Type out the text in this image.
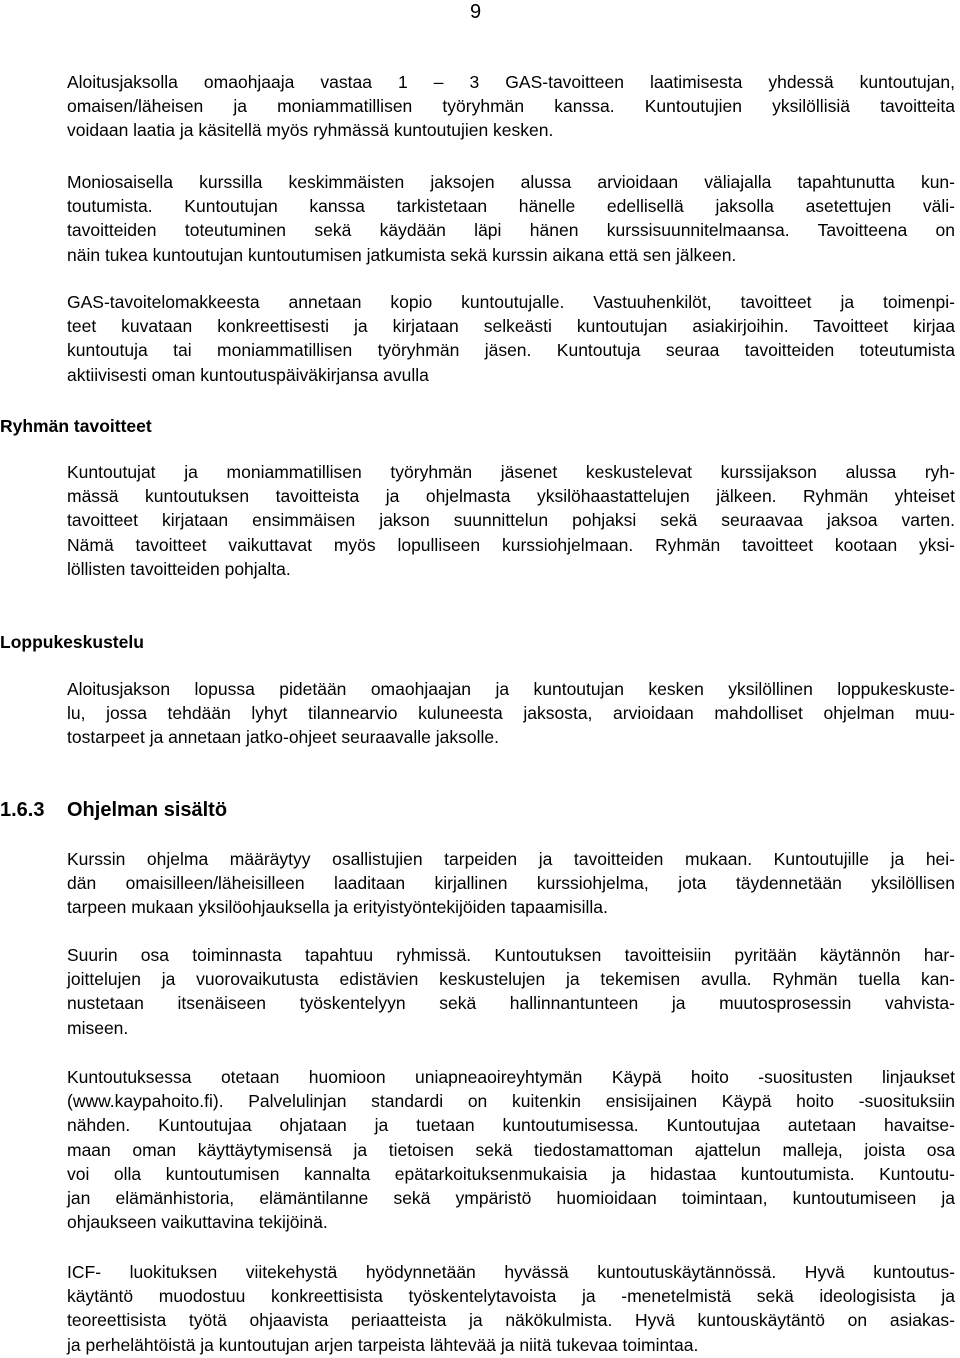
9
Aloitusjaksolla omaohjaaja vastaa 1 – 3 GAS-tavoitteen laatimisesta yhdessä kuntoutujan,
omaisen/läheisen ja moniammatillisen työryhmän kanssa. Kuntoutujien yksilöllisiä tavoitteita
voidaan laatia ja käsitellä myös ryhmässä kuntoutujien kesken.
Moniosaisella kurssilla keskimmäisten jaksojen alussa arvioidaan väliajalla tapahtunutta kun-
toutumista. Kuntoutujan kanssa tarkistetaan hänelle edellisellä jaksolla asetettujen väli-
tavoitteiden toteutuminen sekä käydään läpi hänen kurssisuunnitelmaansa. Tavoitteena on
näin tukea kuntoutujan kuntoutumisen jatkumista sekä kurssin aikana että sen jälkeen.
GAS-tavoitelomakkeesta annetaan kopio kuntoutujalle. Vastuuhenkilöt, tavoitteet ja toimenpi-
teet kuvataan konkreettisesti ja kirjataan selkeästi kuntoutujan asiakirjoihin. Tavoitteet kirjaa
kuntoutuja tai moniammatillisen työryhmän jäsen. Kuntoutuja seuraa tavoitteiden toteutumista
aktiivisesti oman kuntoutuspäiväkirjansa avulla
Ryhmän tavoitteet
Kuntoutujat ja moniammatillisen työryhmän jäsenet keskustelevat kurssijakson alussa ryh-
mässä kuntoutuksen tavoitteista ja ohjelmasta yksilöhaastattelujen jälkeen. Ryhmän yhteiset
tavoitteet kirjataan ensimmäisen jakson suunnittelun pohjaksi sekä seuraavaa jaksoa varten.
Nämä tavoitteet vaikuttavat myös lopulliseen kurssiohjelmaan. Ryhmän tavoitteet kootaan yksi-
löllisten tavoitteiden pohjalta.
Loppukeskustelu
Aloitusjakson lopussa pidetään omaohjaajan ja kuntoutujan kesken yksilöllinen loppukeskuste-
lu, jossa tehdään lyhyt tilannearvio kuluneesta jaksosta, arvioidaan mahdolliset ohjelman muu-
tostarpeet ja annetaan jatko-ohjeet seuraavalle jaksolle.
1.6.3 Ohjelman sisältö
Kurssin ohjelma määräytyy osallistujien tarpeiden ja tavoitteiden mukaan. Kuntoutujille ja hei-
dän omaisilleen/läheisilleen laaditaan kirjallinen kurssiohjelma, jota täydennetään yksilöllisen
tarpeen mukaan yksilöohjauksella ja erityistyöntekijöiden tapaamisilla.
Suurin osa toiminnasta tapahtuu ryhmissä. Kuntoutuksen tavoitteisiin pyritään käytännön har-
joittelujen ja vuorovaikutusta edistävien keskustelujen ja tekemisen avulla. Ryhmän tuella kan-
nustetaan itsenäiseen työskentelyyn sekä hallinnantunteen ja muutosprosessin vahvista-
miseen.
Kuntoutuksessa otetaan huomioon uniapneaoireyhtymän Käypä hoito -suositusten linjaukset
(www.kaypahoito.fi). Palvelulinjan standardi on kuitenkin ensisijainen Käypä hoito -suosituksiin
nähden. Kuntoutujaa ohjataan ja tuetaan kuntoutumisessa. Kuntoutujaa autetaan havaitse-
maan oman käyttäytymisensä ja tietoisen sekä tiedostamattoman ajattelun malleja, joista osa
voi olla kuntoutumisen kannalta epätarkoituksenmukaisia ja hidastaa kuntoutumista. Kuntoutu-
jan elämänhistoria, elämäntilanne sekä ympäristö huomioidaan toimintaan, kuntoutumiseen ja
ohjaukseen vaikuttavina tekijöinä.
ICF- luokituksen viitekehystä hyödynnetään hyvässä kuntoutuskäytännössä. Hyvä kuntoutus-
käytäntö muodostuu konkreettisista työskentelytavoista ja -menetelmistä sekä ideologisista ja
teoreettisista työtä ohjaavista periaatteista ja näkökulmista. Hyvä kuntouskäytäntö on asiakas-
ja perhelähtöistä ja kuntoutujan arjen tarpeista lähtevää ja niitä tukevaa toimintaa.
